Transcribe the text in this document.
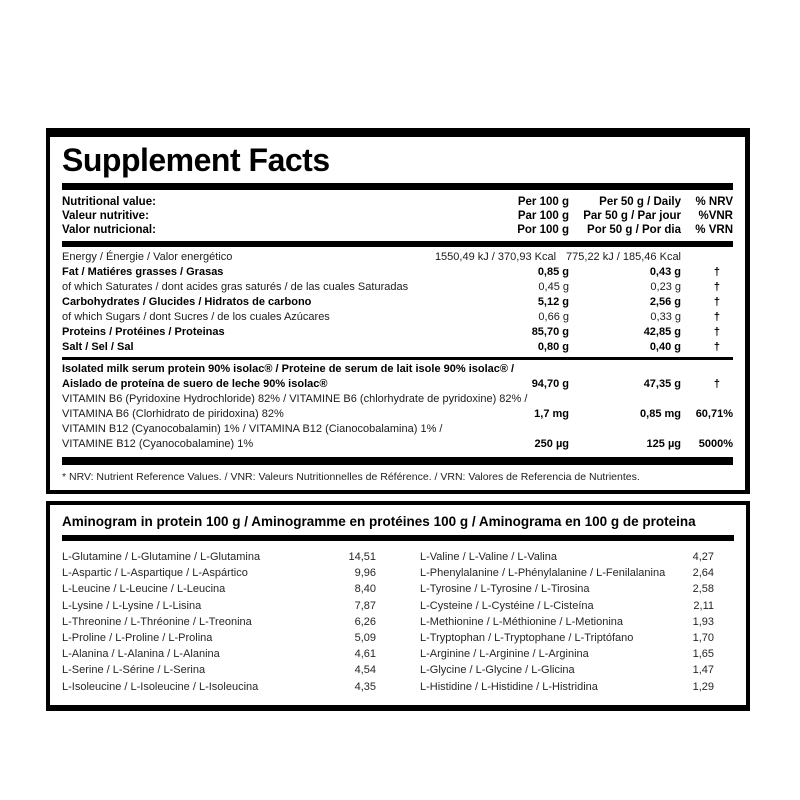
Supplement Facts
Nutritional value:	Per 100 g	Per 50 g / Daily	% NRV
Valeur nutritive:	Par 100 g	Par 50 g / Par jour	%VNR
Valor nutricional:	Por 100 g	Por 50 g / Por dia	% VRN
Energy / Énergie / Valor energético	1550,49 kJ / 370,93 Kcal 775,22 kJ / 185,46 Kcal
Fat / Matiéres grasses / Grasas	0,85 g	0,43 g	†
of which Saturates / dont acides gras saturés / de las cuales Saturadas	0,45 g	0,23 g	†
Carbohydrates / Glucides / Hidratos de carbono	5,12 g	2,56 g	†
of which Sugars / dont Sucres / de los cuales Azúcares	0,66 g	0,33 g	†
Proteins / Protéines / Proteinas	85,70 g	42,85 g	†
Salt / Sel / Sal	0,80 g	0,40 g	†
Isolated milk serum protein 90% isolac® / Proteine de serum de lait isole 90% isolac® /
Aislado de proteína de suero de leche 90% isolac®	94,70 g	47,35 g	†
VITAMIN B6 (Pyridoxine Hydrochloride) 82% / VITAMINE B6 (chlorhydrate de pyridoxine) 82% /
VITAMINA B6 (Clorhidrato de piridoxina) 82%	1,7 mg	0,85 mg	60,71%
VITAMIN B12 (Cyanocobalamin) 1% / VITAMINA B12 (Cianocobalamina) 1% /
VITAMINE B12 (Cyanocobalamine) 1%	250 µg	125 µg	5000%
* NRV: Nutrient Reference Values. / VNR: Valeurs Nutritionnelles de Référence. / VRN: Valores de Referencia de Nutrientes.
Aminogram in protein 100 g / Aminogramme en protéines 100 g / Aminograma en 100 g de proteina
L-Glutamine / L-Glutamine / L-Glutamina	14,51
L-Aspartic / L-Aspartique / L-Aspártico	9,96
L-Leucine / L-Leucine / L-Leucina	8,40
L-Lysine / L-Lysine / L-Lisina	7,87
L-Threonine / L-Thréonine / L-Treonina	6,26
L-Proline / L-Proline / L-Prolina	5,09
L-Alanina / L-Alanina / L-Alanina	4,61
L-Serine / L-Sérine / L-Serina	4,54
L-Isoleucine / L-Isoleucine / L-Isoleucina	4,35
L-Valine / L-Valine / L-Valina	4,27
L-Phenylalanine / L-Phénylalanine / L-Fenilalanina	2,64
L-Tyrosine / L-Tyrosine / L-Tirosina	2,58
L-Cysteine / L-Cystéine / L-Cisteína	2,11
L-Methionine / L-Méthionine / L-Metionina	1,93
L-Tryptophan / L-Tryptophane / L-Triptófano	1,70
L-Arginine / L-Arginine / L-Arginina	1,65
L-Glycine / L-Glycine / L-Glicina	1,47
L-Histidine / L-Histidine / L-Histridina	1,29
